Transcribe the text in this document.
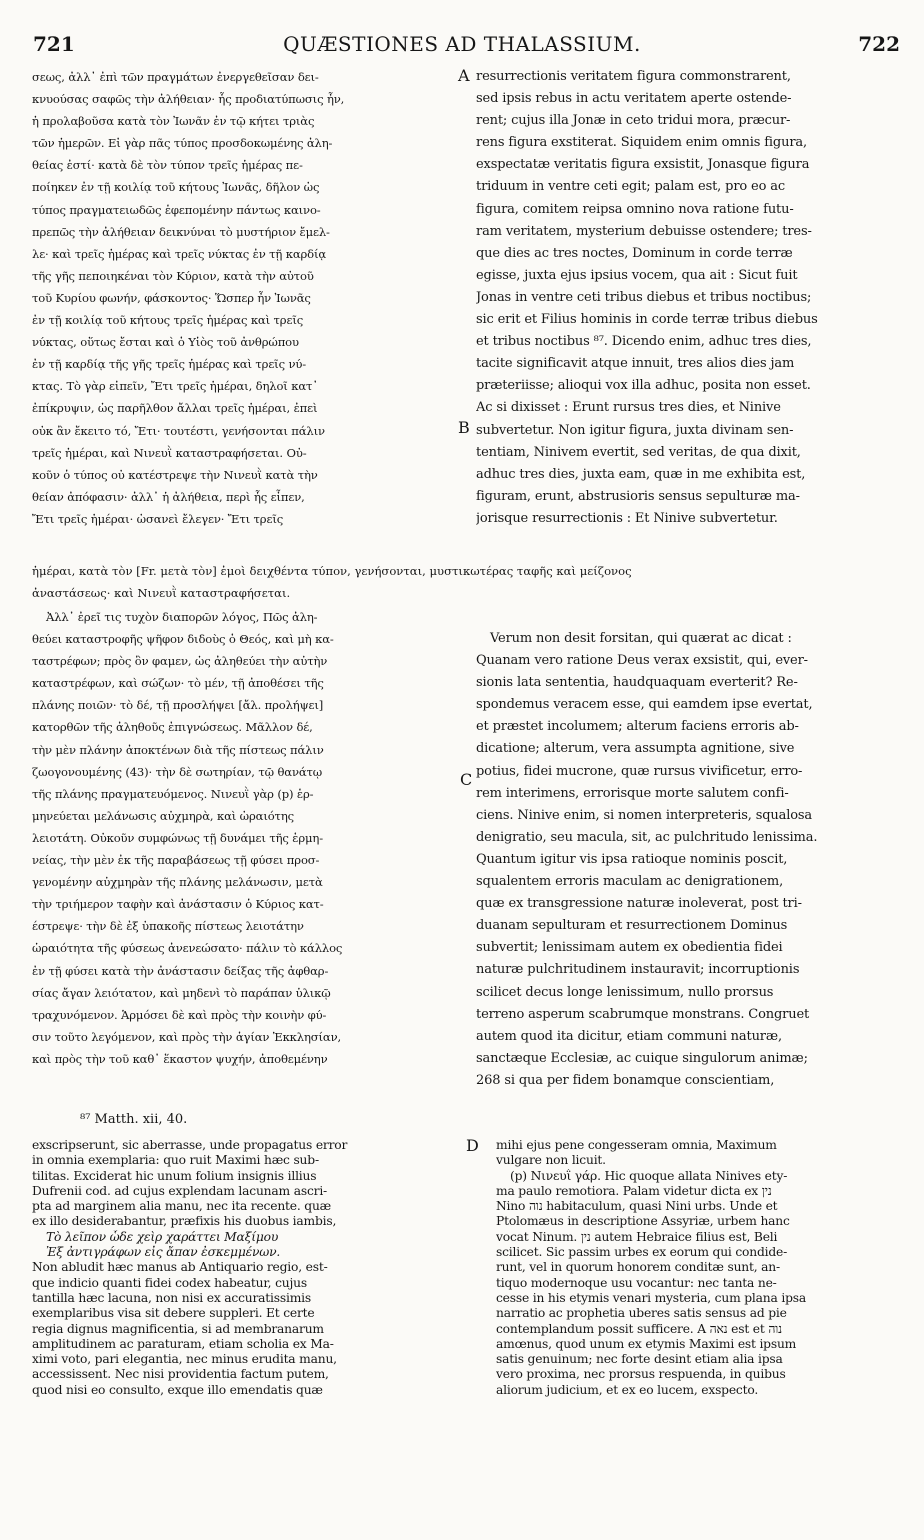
721	QUÆSTIONES AD THALASSIUM.	722
σεως, ἀλλ᾽ ἐπὶ τῶν πραγμάτων ἐνεργεθεῖσαν δει-
κνυούσας σαφῶς τὴν ἀλήθειαν· ἧς προδιατύπωσις ἦν,
ἡ προλαβοῦσα κατὰ τὸν Ἰωνᾶν ἐν τῷ κήτει τριὰς
τῶν ἡμερῶν. Εἰ γὰρ πᾶς τύπος προσδοκωμένης ἀλη-
θείας ἐστί· κατὰ δὲ τὸν τύπον τρεῖς ἡμέρας πε-
ποίηκεν ἐν τῇ κοιλίᾳ τοῦ κήτους Ἰωνᾶς, δῆλον ὡς
τύπος πραγματειωδῶς ἑφεπομένην πάντως καινο-
πρεπῶς τὴν ἀλήθειαν δεικνύναι τὸ μυστήριον ἔμελ-
λε· καὶ τρεῖς ἡμέρας καὶ τρεῖς νύκτας ἐν τῇ καρδίᾳ
τῆς γῆς πεποιηκέναι τὸν Κύριον, κατὰ τὴν αὐτοῦ
τοῦ Κυρίου φωνήν, φάσκοντος· Ὥσπερ ἦν Ἰωνᾶς
ἐν τῇ κοιλίᾳ τοῦ κήτους τρεῖς ἡμέρας καὶ τρεῖς
νύκτας, οὕτως ἔσται καὶ ὁ Υἱὸς τοῦ ἀνθρώπου
ἐν τῇ καρδίᾳ τῆς γῆς τρεῖς ἡμέρας καὶ τρεῖς νύ-
κτας. Τὸ γὰρ εἰπεῖν, Ἔτι τρεῖς ἡμέραι, δηλοῖ κατ᾽
ἐπίκρυψιν, ὡς παρῆλθον ἄλλαι τρεῖς ἡμέραι, ἐπεὶ
οὐκ ἂν ἔκειτο τό, Ἔτι· τουτέστι, γενήσονται πάλιν
τρεῖς ἡμέραι, καὶ Νινευῒ καταστραφήσεται. Οὐ-
κοῦν ὁ τύπος οὐ κατέστρεψε τὴν Νινευῒ κατὰ τὴν
θείαν ἀπόφασιν· ἀλλ᾽ ἡ ἀλήθεια, περὶ ἧς εἶπεν,
Ἔτι τρεῖς ἡμέραι· ὡσανεὶ ἔλεγεν· Ἔτι τρεῖς
resurrectionis veritatem figura commonstrarent,
sed ipsis rebus in actu veritatem aperte ostende-
rent; cujus illa Jonæ in ceto tridui mora, præcur-
rens figura exstiterat. Siquidem enim omnis figura,
exspectatæ veritatis figura exsistit, Jonasque figura
triduum in ventre ceti egit; palam est, pro eo ac
figura, comitem reipsa omnino nova ratione futu-
ram veritatem, mysterium debuisse ostendere; tres-
que dies ac tres noctes, Dominum in corde terræ
egisse, juxta ejus ipsius vocem, qua ait : Sicut fuit
Jonas in ventre ceti tribus diebus et tribus noctibus;
sic erit et Filius hominis in corde terræ tribus diebus
et tribus noctibus ⁸⁷. Dicendo enim, adhuc tres dies,
tacite significavit atque innuit, tres alios dies jam
præteriisse; alioqui vox illa adhuc, posita non esset.
Ac si dixisset : Erunt rursus tres dies, et Ninive
subvertetur. Non igitur figura, juxta divinam sen-
tentiam, Ninivem evertit, sed veritas, de qua dixit,
adhuc tres dies, juxta eam, quæ in me exhibita est,
figuram, erunt, abstrusioris sensus sepulturæ ma-
jorisque resurrectionis : Et Ninive subvertetur.
A
B
C
D
ἡμέραι, κατὰ τὸν [Fr. μετὰ τὸν] ἐμοὶ δειχθέντα τύπον, γενήσονται, μυστικωτέρας ταφῆς καὶ μείζονος
ἀναστάσεως· καὶ Νινευῒ καταστραφήσεται.
Ἀλλ᾽ ἐρεῖ τις τυχὸν διαπορῶν λόγος, Πῶς ἀλη-
θεύει καταστροφῆς ψῆφον διδοὺς ὁ Θεός, καὶ μὴ κα-
ταστρέφων; πρὸς ὃν φαμεν, ὡς ἀληθεύει τὴν αὐτὴν
καταστρέφων, καὶ σώζων· τὸ μέν, τῇ ἀποθέσει τῆς
πλάνης ποιῶν· τὸ δέ, τῇ προσλήψει [ἄλ. προλήψει]
κατορθῶν τῆς ἀληθοῦς ἐπιγνώσεως. Μᾶλλον δέ,
τὴν μὲν πλάνην ἀποκτένων διὰ τῆς πίστεως πάλιν
ζωογονουμένης (43)· τὴν δὲ σωτηρίαν, τῷ θανάτῳ
τῆς πλάνης πραγματευόμενος. Νινευῒ γὰρ (p) ἑρ-
μηνεύεται μελάνωσις αὐχμηρὰ, καὶ ὡραιότης
λειοτάτη. Οὐκοῦν συμφώνως τῇ δυνάμει τῆς ἑρμη-
νείας, τὴν μὲν ἐκ τῆς παραβάσεως τῇ φύσει προσ-
γενομένην αὐχμηρὰν τῆς πλάνης μελάνωσιν, μετὰ
τὴν τριήμερον ταφὴν καὶ ἀνάστασιν ὁ Κύριος κατ-
έστρεψε· τὴν δὲ ἐξ ὑπακοῆς πίστεως λειοτάτην
ὡραιότητα τῆς φύσεως ἀνενεώσατο· πάλιν τὸ κάλλος
ἐν τῇ φύσει κατὰ τὴν ἀνάστασιν δείξας τῆς ἀφθαρ-
σίας ἄγαν λειότατον, καὶ μηδενὶ τὸ παράπαν ὑλικῷ
τραχυνόμενον. Ἁρμόσει δὲ καὶ πρὸς τὴν κοινὴν φύ-
σιν τοῦτο λεγόμενον, καὶ πρὸς τὴν ἁγίαν Ἐκκλησίαν,
καὶ πρὸς τὴν τοῦ καθ᾽ ἕκαστον ψυχήν, ἀποθεμένην
Verum non desit forsitan, qui quærat ac dicat :
Quanam vero ratione Deus verax exsistit, qui, ever-
sionis lata sententia, haudquaquam everterit? Re-
spondemus veracem esse, qui eamdem ipse evertat,
et præstet incolumem; alterum faciens erroris ab-
dicatione; alterum, vera assumpta agnitione, sive
potius, fidei mucrone, quæ rursus vivificetur, erro-
rem interimens, errorisque morte salutem confi-
ciens. Ninive enim, si nomen interpreteris, squalosa
denigratio, seu macula, sit, ac pulchritudo lenissima.
Quantum igitur vis ipsa ratioque nominis poscit,
squalentem erroris maculam ac denigrationem,
quæ ex transgressione naturæ inoleverat, post tri-
duanam sepulturam et resurrectionem Dominus
subvertit; lenissimam autem ex obedientia fidei
naturæ pulchritudinem instauravit; incorruptionis
scilicet decus longe lenissimum, nullo prorsus
terreno asperum scabrumque monstrans. Congruet
autem quod ita dicitur, etiam communi naturæ,
sanctæque Ecclesiæ, ac cuique singulorum animæ;
268 si qua per fidem bonamque conscientiam,
⁸⁷ Matth. xii, 40.
exscripserunt, sic aberrasse, unde propagatus error
in omnia exemplaria: quo ruit Maximi hæc sub-
tilitas. Exciderat hic unum folium insignis illius
Dufrenii cod. ad cujus explendam lacunam ascri-
pta ad marginem alia manu, nec ita recente. quæ
ex illo desiderabantur, præfixis his duobus iambis,
Τὸ λεῖπον ὧδε χεὶρ χαράττει Μαξίμου
Ἐξ ἀντιγράφων εἰς ἄπαν ἐσκεμμένων.
Non abludit hæc manus ab Antiquario regio, est-
que indicio quanti fidei codex habeatur, cujus
tantilla hæc lacuna, non nisi ex accuratissimis
exemplaribus visa sit debere suppleri. Et certe
regia dignus magnificentia, si ad membranarum
amplitudinem ac paraturam, etiam scholia ex Ma-
ximi voto, pari elegantia, nec minus erudita manu,
accessissent. Nec nisi providentia factum putem,
quod nisi eo consulto, exque illo emendatis quæ
mihi ejus pene congesseram omnia, Maximum
vulgare non licuit.
(p) Νινευῒ γάρ. Hic quoque allata Ninives ety-
ma paulo remotiora. Palam videtur dicta ex נין
Nino נוה habitaculum, quasi Nini urbs. Unde et
Ptolomæus in descriptione Assyriæ, urbem hanc
vocat Ninum. נין autem Hebraice filius est, Beli
scilicet. Sic passim urbes ex eorum qui condide-
runt, vel in quorum honorem conditæ sunt, an-
tiquo modernoque usu vocantur: nec tanta ne-
cesse in his etymis venari mysteria, cum plana ipsa
narratio ac prophetia uberes satis sensus ad pie
contemplandum possit sufficere. A נאה est et נוה
amœnus, quod unum ex etymis Maximi est ipsum
satis genuinum; nec forte desint etiam alia ipsa
vero proxima, nec prorsus respuenda, in quibus
aliorum judicium, et ex eo lucem, exspecto.
